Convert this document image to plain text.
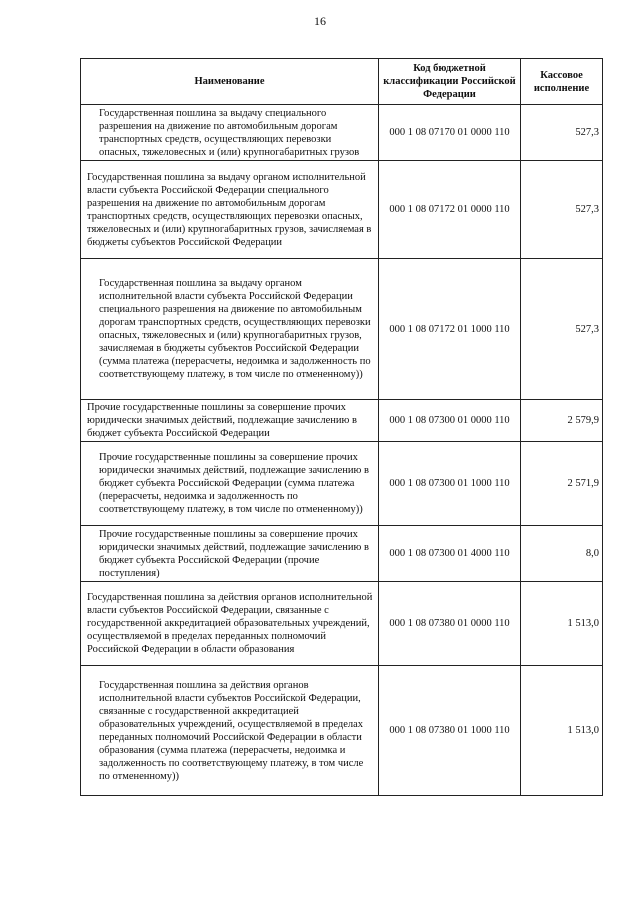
16
Наименование	Код бюджетной классификации Российской Федерации	Кассовое исполнение
Государственная пошлина за выдачу специального разрешения на движение по автомобильным дорогам транспортных средств, осуществляющих перевозки опасных, тяжеловесных и (или) крупногабаритных грузов	000 1 08 07170 01 0000 110	527,3
Государственная пошлина за выдачу органом исполнительной власти субъекта Российской Федерации специального разрешения на движение по автомобильным дорогам транспортных средств, осуществляющих перевозки опасных, тяжеловесных и (или) крупногабаритных грузов, зачисляемая в бюджеты субъектов Российской Федерации	000 1 08 07172 01 0000 110	527,3
Государственная пошлина за выдачу органом исполнительной власти субъекта Российской Федерации специального разрешения на движение по автомобильным дорогам транспортных средств, осуществляющих перевозки опасных, тяжеловесных и (или) крупногабаритных грузов, зачисляемая в бюджеты субъектов Российской Федерации (сумма платежа (перерасчеты, недоимка и задолженность по соответствующему платежу, в том числе по отмененному))	000 1 08 07172 01 1000 110	527,3
Прочие государственные пошлины за совершение прочих юридически значимых действий, подлежащие зачислению в бюджет субъекта Российской Федерации	000 1 08 07300 01 0000 110	2 579,9
Прочие государственные пошлины за совершение прочих юридически значимых действий, подлежащие зачислению в бюджет субъекта Российской Федерации (сумма платежа (перерасчеты, недоимка и задолженность по соответствующему платежу, в том числе по отмененному))	000 1 08 07300 01 1000 110	2 571,9
Прочие государственные пошлины за совершение прочих юридически значимых действий, подлежащие зачислению в бюджет субъекта Российской Федерации (прочие поступления)	000 1 08 07300 01 4000 110	8,0
Государственная пошлина за действия органов исполнительной власти субъектов Российской Федерации, связанные с государственной аккредитацией образовательных учреждений, осуществляемой в пределах переданных полномочий Российской Федерации в области образования	000 1 08 07380 01 0000 110	1 513,0
Государственная пошлина за действия органов исполнительной власти субъектов Российской Федерации, связанные с государственной аккредитацией образовательных учреждений, осуществляемой в пределах переданных полномочий Российской Федерации в области образования (сумма платежа (перерасчеты, недоимка и задолженность по соответствующему платежу, в том числе по отмененному))	000 1 08 07380 01 1000 110	1 513,0
